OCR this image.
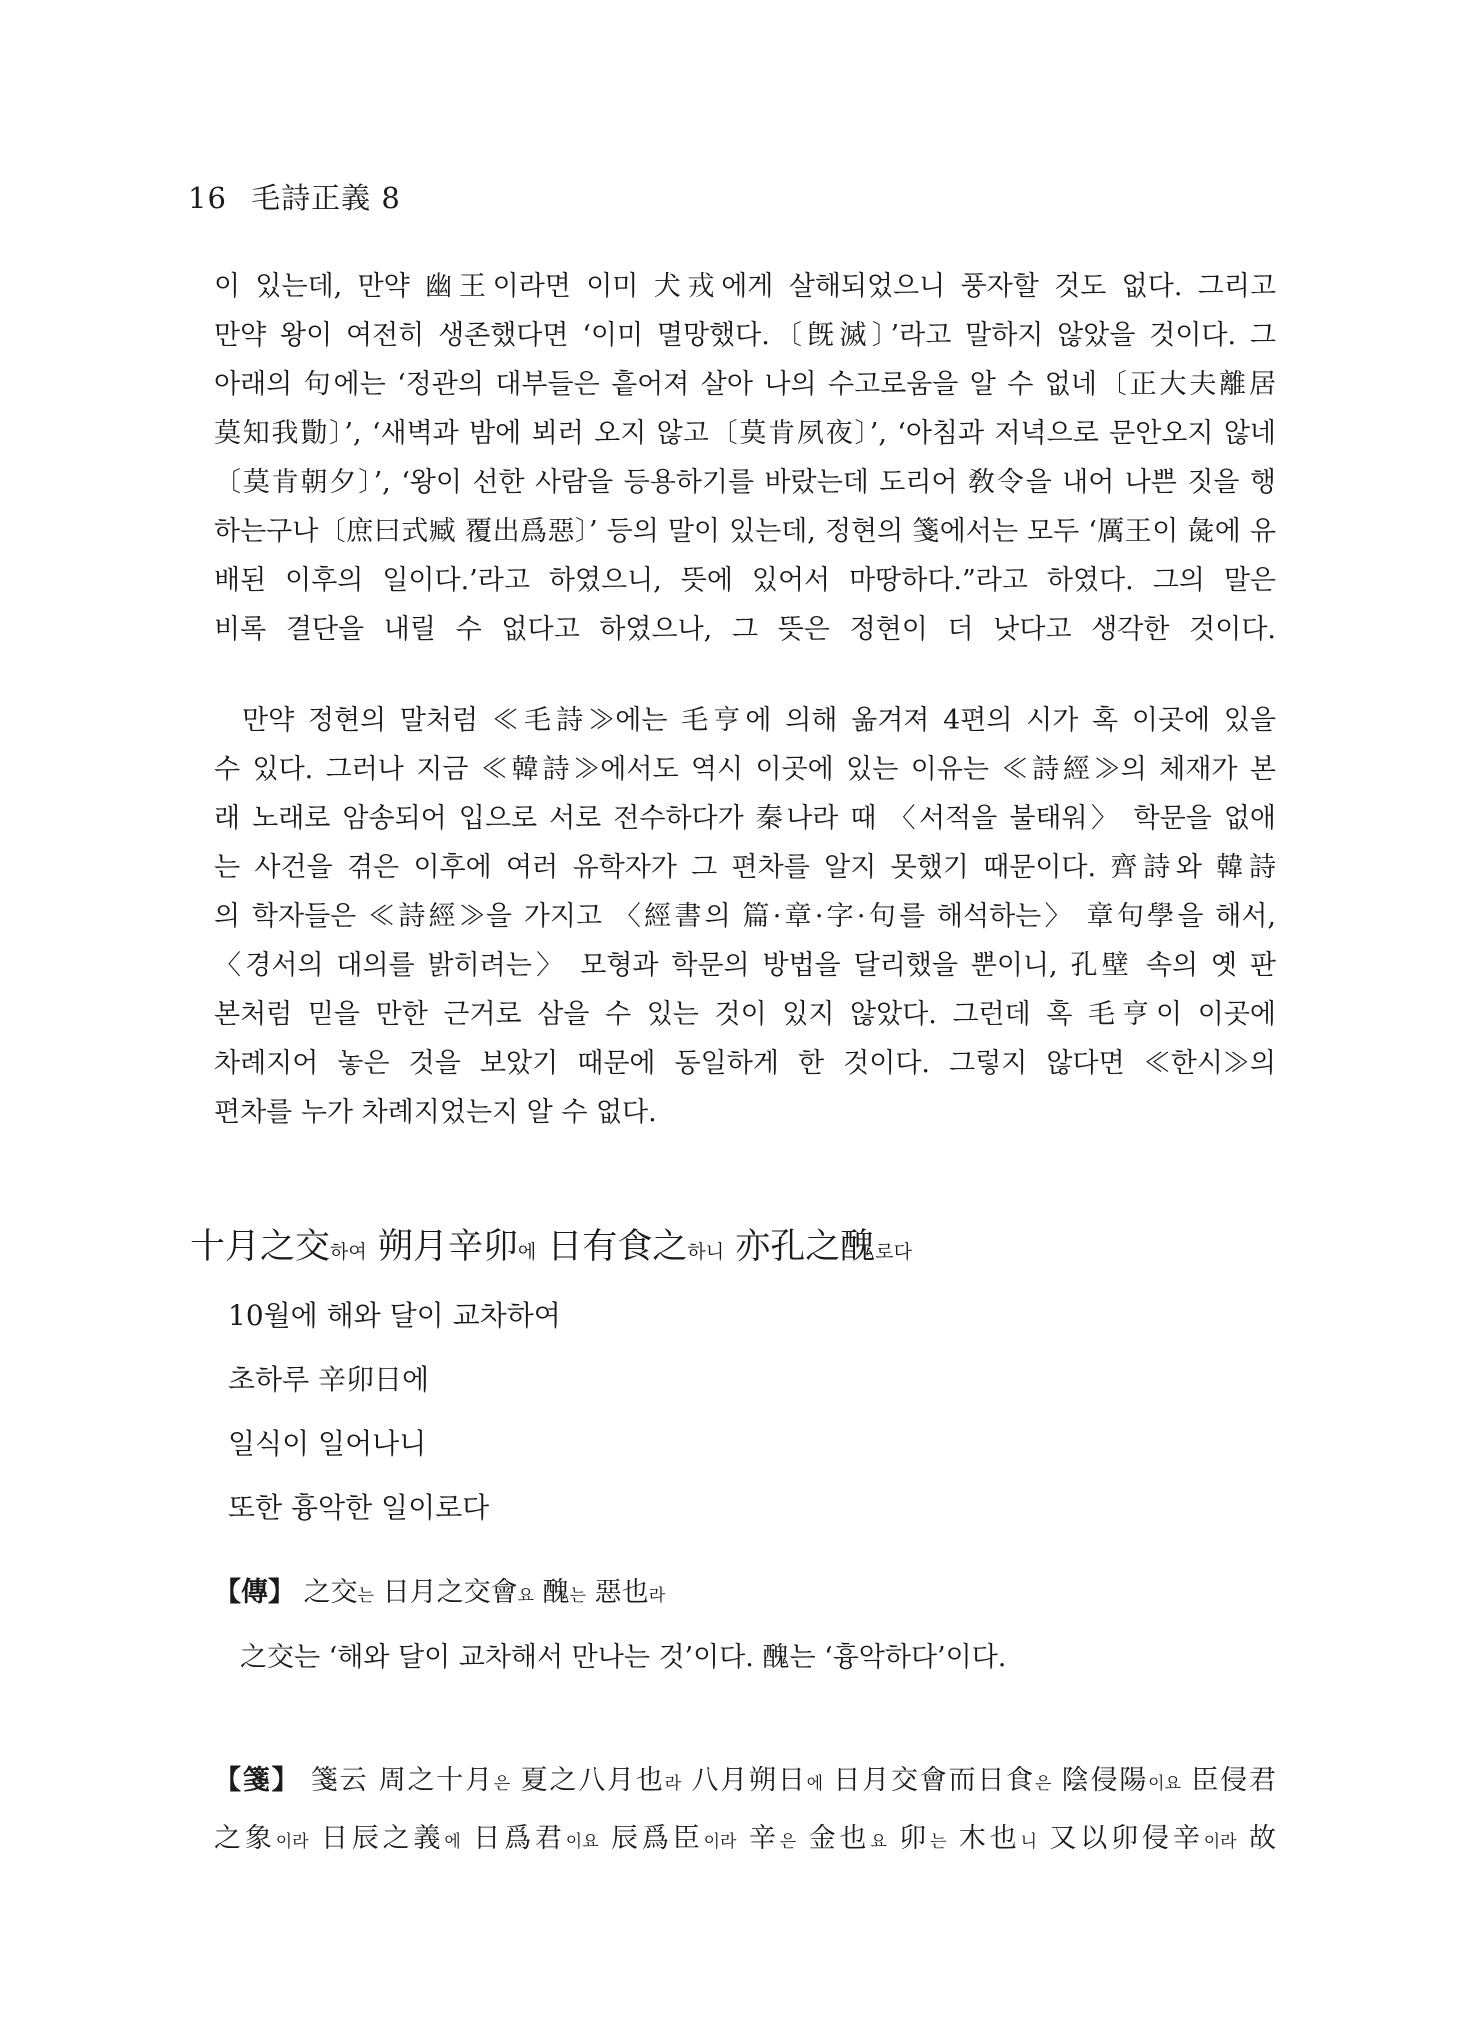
16 毛詩正義 8
이 있는데, 만약 幽王이라면 이미 犬戎에게 살해되었으니 풍자할 것도 없다. 그리고
만약 왕이 여전히 생존했다면 ‘이미 멸망했다.〔旣滅〕’라고 말하지 않았을 것이다. 그
아래의 句에는 ‘정관의 대부들은 흩어져 살아 나의 수고로움을 알 수 없네〔正大夫離居
莫知我勩〕’, ‘새벽과 밤에 뵈러 오지 않고〔莫肯夙夜〕’, ‘아침과 저녁으로 문안오지 않네
〔莫肯朝夕〕’, ‘왕이 선한 사람을 등용하기를 바랐는데 도리어 敎令을 내어 나쁜 짓을 행
하는구나〔庶曰式臧 覆出爲惡〕’ 등의 말이 있는데, 정현의 箋에서는 모두 ‘厲王이 彘에 유
배된 이후의 일이다.’라고 하였으니, 뜻에 있어서 마땅하다.”라고 하였다. 그의 말은
비록 결단을 내릴 수 없다고 하였으나, 그 뜻은 정현이 더 낫다고 생각한 것이다.
만약 정현의 말처럼 ≪毛詩≫에는 毛亨에 의해 옮겨져 4편의 시가 혹 이곳에 있을
수 있다. 그러나 지금 ≪韓詩≫에서도 역시 이곳에 있는 이유는 ≪詩經≫의 체재가 본
래 노래로 암송되어 입으로 서로 전수하다가 秦나라 때 〈서적을 불태워〉 학문을 없애
는 사건을 겪은 이후에 여러 유학자가 그 편차를 알지 못했기 때문이다. 齊詩와 韓詩
의 학자들은 ≪詩經≫을 가지고 〈經書의 篇·章·字·句를 해석하는〉 章句學을 해서,
〈경서의 대의를 밝히려는〉 모형과 학문의 방법을 달리했을 뿐이니, 孔壁 속의 옛 판
본처럼 믿을 만한 근거로 삼을 수 있는 것이 있지 않았다. 그런데 혹 毛亨이 이곳에
차례지어 놓은 것을 보았기 때문에 동일하게 한 것이다. 그렇지 않다면 ≪한시≫의
편차를 누가 차례지었는지 알 수 없다.
十月之交하여 朔月辛卯에 日有食之하니 亦孔之醜로다
10월에 해와 달이 교차하여
초하루 辛卯日에
일식이 일어나니
또한 흉악한 일이로다
【傳】 之交는 日月之交會요 醜는 惡也라
之交는 ‘해와 달이 교차해서 만나는 것’이다. 醜는 ‘흉악하다’이다.
【箋】 箋云 周之十月은 夏之八月也라 八月朔日에 日月交會而日食은 陰侵陽이요 臣侵君
之象이라 日辰之義에 日爲君이요 辰爲臣이라 辛은 金也요 卯는 木也니 又以卯侵辛이라 故
